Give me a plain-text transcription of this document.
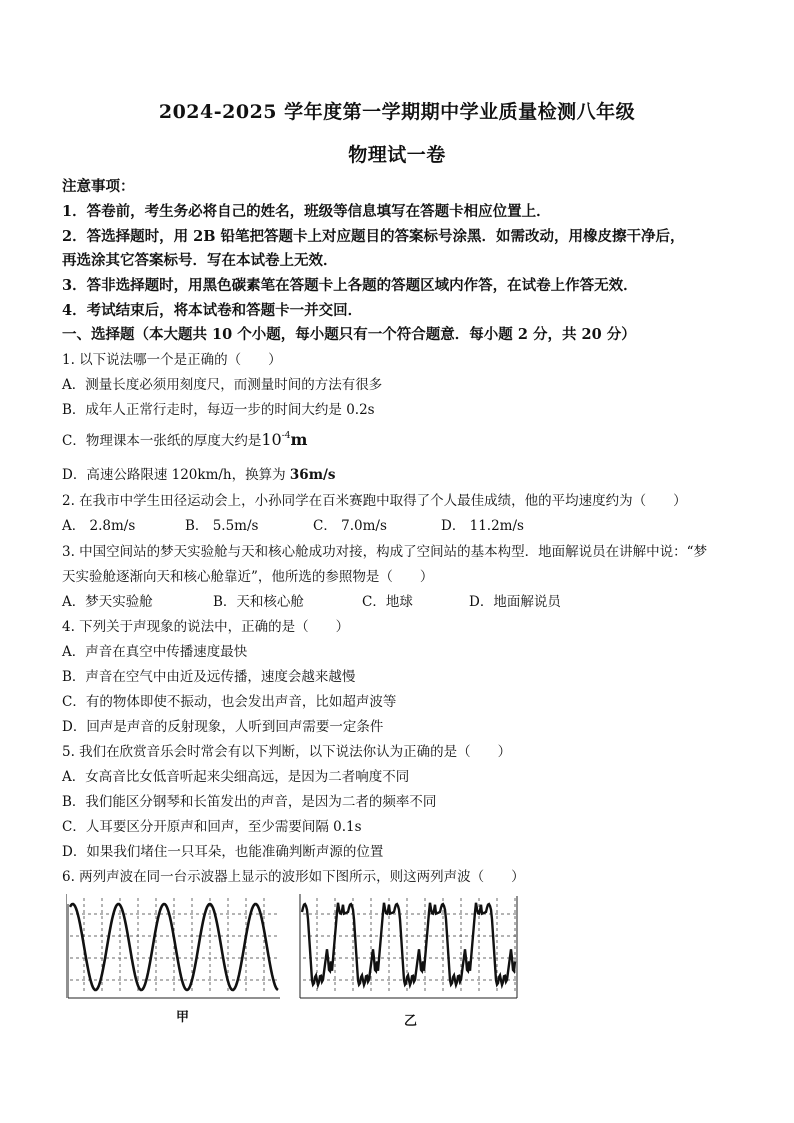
2024-2025 学年度第一学期期中学业质量检测八年级
物理试一卷
注意事项：
1．答卷前，考生务必将自己的姓名，班级等信息填写在答题卡相应位置上．
2．答选择题时，用 2B 铅笔把答题卡上对应题目的答案标号涂黑．如需改动，用橡皮擦干净后，
再选涂其它答案标号．写在本试卷上无效．
3．答非选择题时，用黑色碳素笔在答题卡上各题的答题区域内作答，在试卷上作答无效．
4．考试结束后，将本试卷和答题卡一并交回．
一、选择题（本大题共 10 个小题，每小题只有一个符合题意．每小题 2 分，共 20 分）
1. 以下说法哪一个是正确的（　　）
A．测量长度必须用刻度尺，而测量时间的方法有很多
B．成年人正常行走时，每迈一步的时间大约是 0.2s
C．物理课本一张纸的厚度大约是$10^{-4}m$
D．高速公路限速 120km/h，换算为 36m/s
2. 在我市中学生田径运动会上，小孙同学在百米赛跑中取得了个人最佳成绩，他的平均速度约为（　　）
A． 2.8m/s	B． 5.5m/s	C． 7.0m/s	D． 11.2m/s
3. 中国空间站的梦天实验舱与天和核心舱成功对接，构成了空间站的基本构型．地面解说员在讲解中说：“梦
天实验舱逐渐向天和核心舱靠近”，他所选的参照物是（　　）
A．梦天实验舱	B．天和核心舱	C．地球	D．地面解说员
4. 下列关于声现象的说法中，正确的是（　　）
A．声音在真空中传播速度最快
B．声音在空气中由近及远传播，速度会越来越慢
C．有的物体即使不振动，也会发出声音，比如超声波等
D．回声是声音的反射现象，人听到回声需要一定条件
5. 我们在欣赏音乐会时常会有以下判断，以下说法你认为正确的是（　　）
A．女高音比女低音听起来尖细高远，是因为二者响度不同
B．我们能区分钢琴和长笛发出的声音，是因为二者的频率不同
C．人耳要区分开原声和回声，至少需要间隔 0.1s
D．如果我们堵住一只耳朵，也能准确判断声源的位置
6. 两列声波在同一台示波器上显示的波形如下图所示，则这两列声波（　　）
甲	乙
